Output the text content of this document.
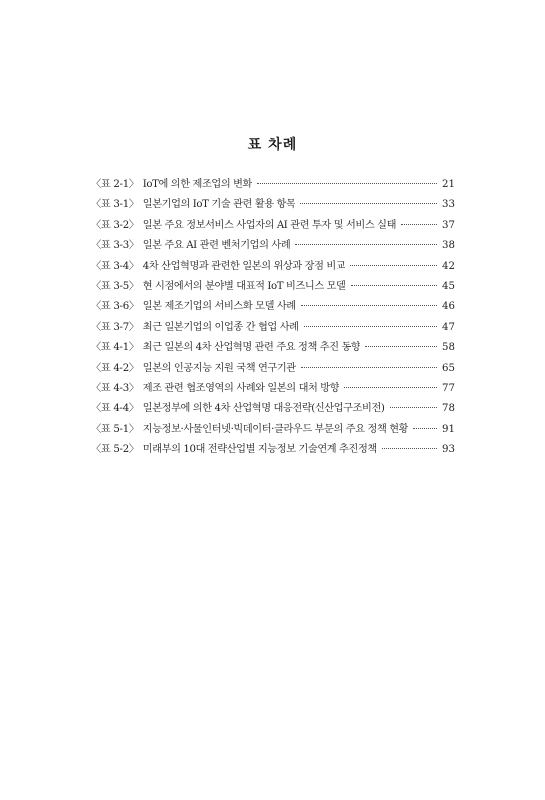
표 차례
〈표 2-1〉 IoT에 의한 제조업의 변화	21
〈표 3-1〉 일본기업의 IoT 기술 관련 활용 항목	33
〈표 3-2〉 일본 주요 정보서비스 사업자의 AI 관련 투자 및 서비스 실태	37
〈표 3-3〉 일본 주요 AI 관련 벤처기업의 사례	38
〈표 3-4〉 4차 산업혁명과 관련한 일본의 위상과 장점 비교	42
〈표 3-5〉 현 시점에서의 분야별 대표적 IoT 비즈니스 모델	45
〈표 3-6〉 일본 제조기업의 서비스화 모델 사례	46
〈표 3-7〉 최근 일본기업의 이업종 간 협업 사례	47
〈표 4-1〉 최근 일본의 4차 산업혁명 관련 주요 정책 추진 동향	58
〈표 4-2〉 일본의 인공지능 지원 국책 연구기관	65
〈표 4-3〉 제조 관련 협조영역의 사례와 일본의 대처 방향	77
〈표 4-4〉 일본정부에 의한 4차 산업혁명 대응전략(신산업구조비전)	78
〈표 5-1〉 지능정보·사물인터넷·빅데이터·클라우드 부문의 주요 정책 현황	91
〈표 5-2〉 미래부의 10대 전략산업별 지능정보 기술연계 추진정책	93
